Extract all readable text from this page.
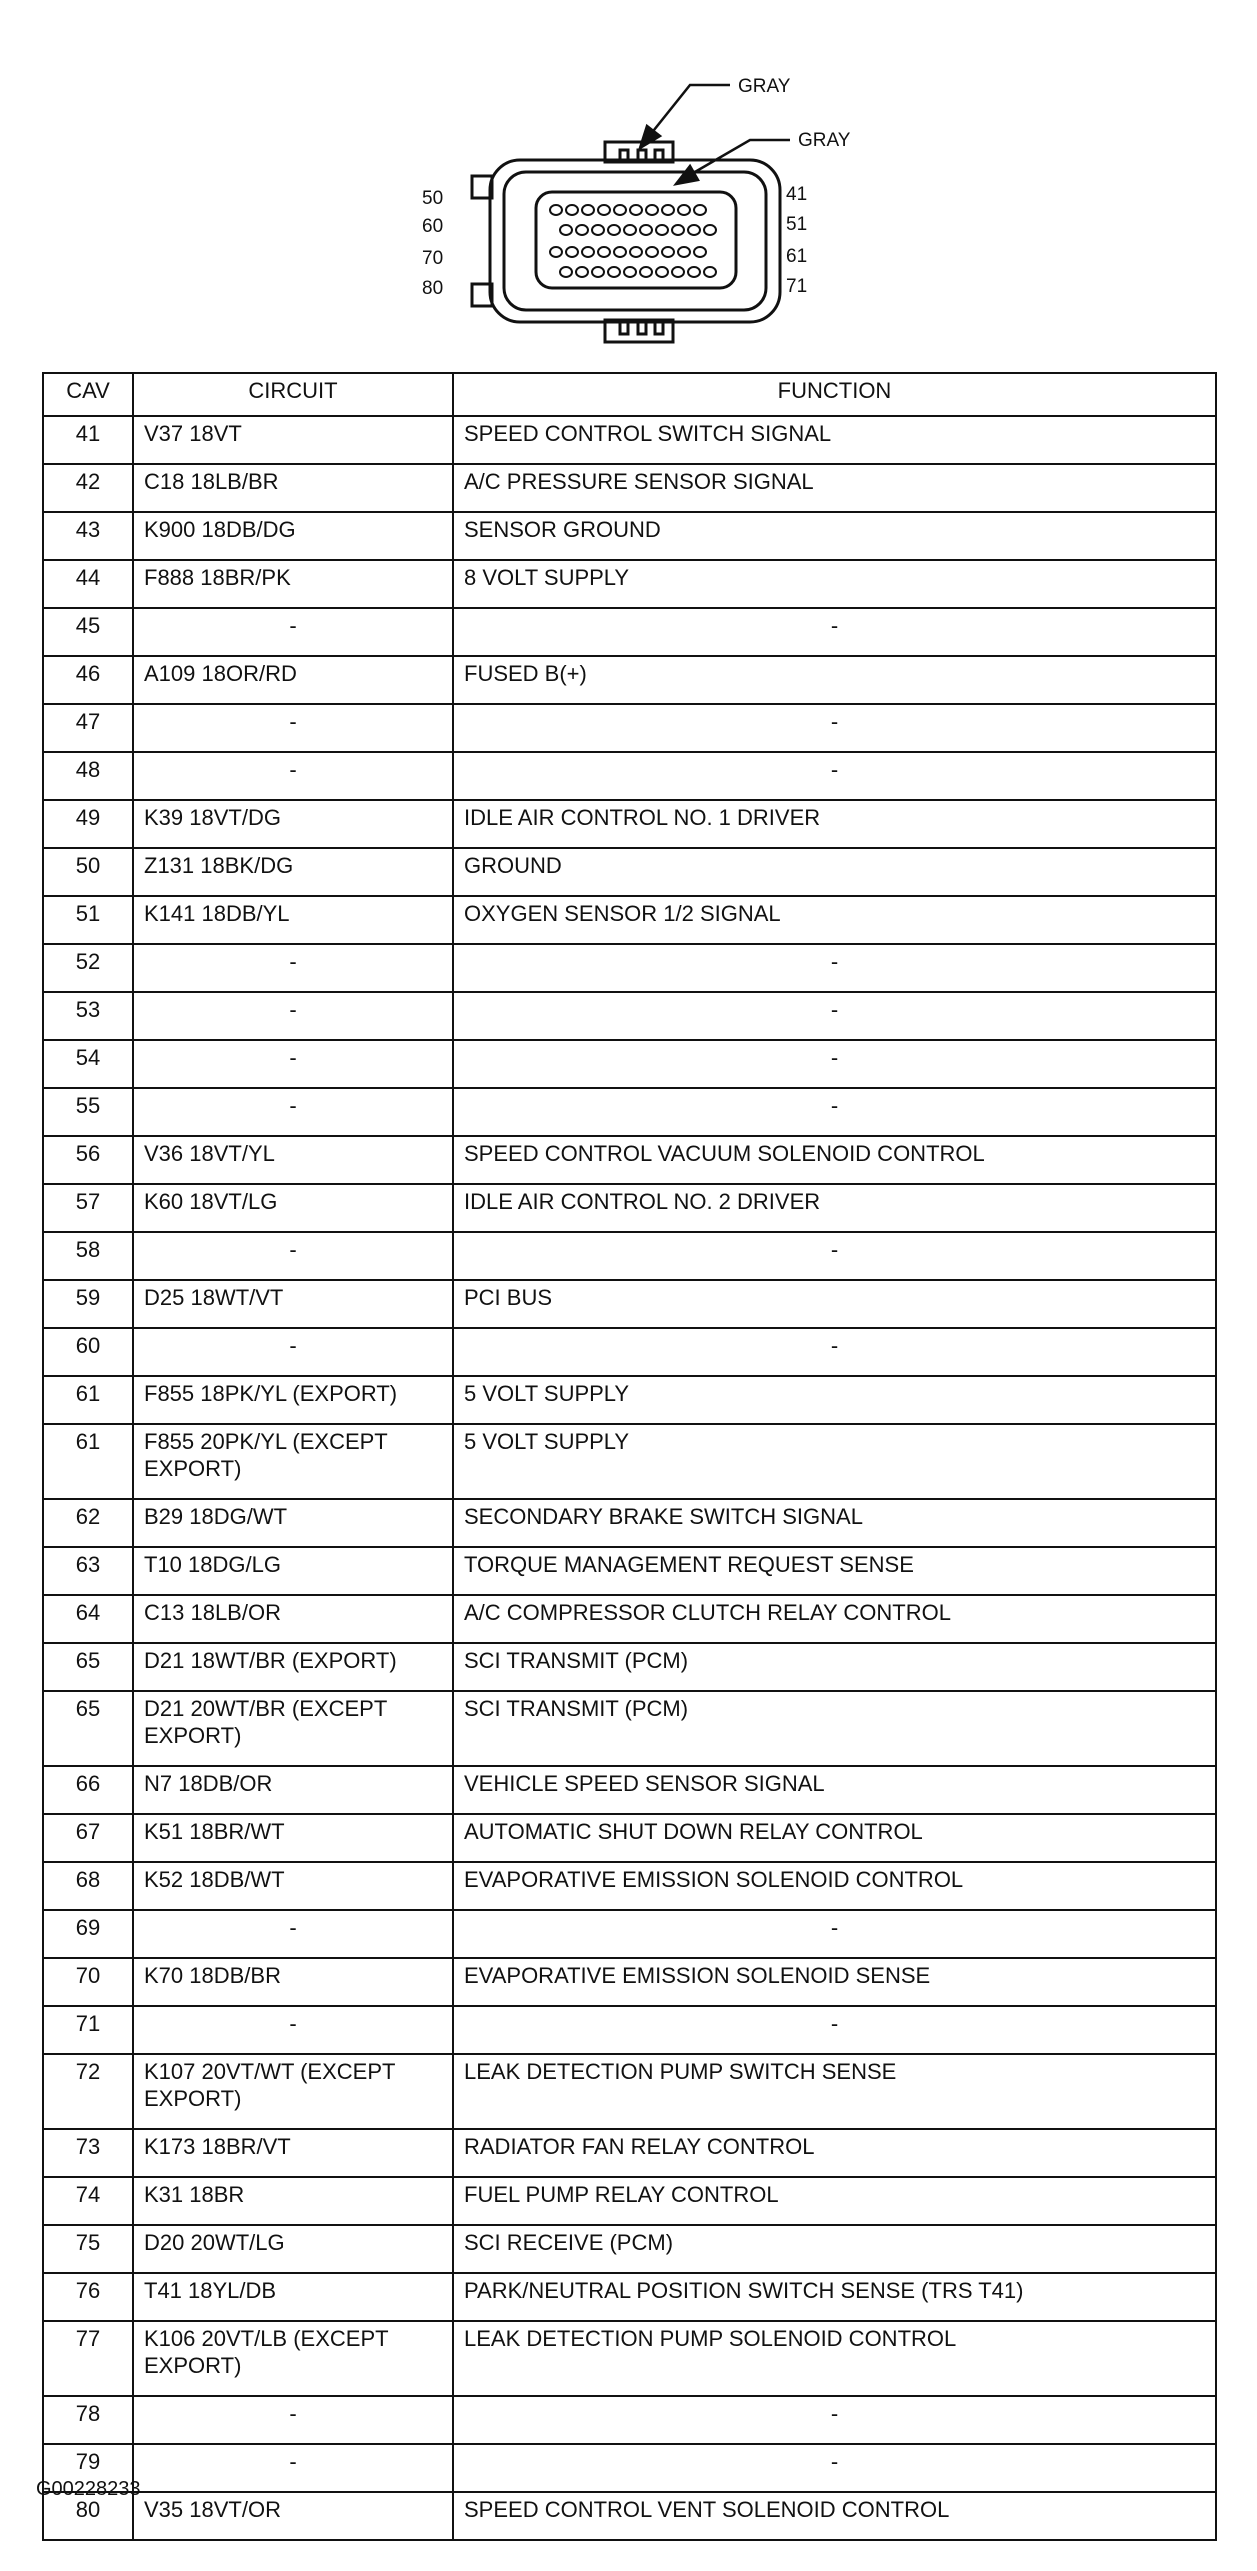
GRAY
GRAY
50
60
70
80
41
51
61
71
CAV	CIRCUIT	FUNCTION
41	V37 18VT	SPEED CONTROL SWITCH SIGNAL
42	C18 18LB/BR	A/C PRESSURE SENSOR SIGNAL
43	K900 18DB/DG	SENSOR GROUND
44	F888 18BR/PK	8 VOLT SUPPLY
45	-	-
46	A109 18OR/RD	FUSED B(+)
47	-	-
48	-	-
49	K39 18VT/DG	IDLE AIR CONTROL NO. 1 DRIVER
50	Z131 18BK/DG	GROUND
51	K141 18DB/YL	OXYGEN SENSOR 1/2 SIGNAL
52	-	-
53	-	-
54	-	-
55	-	-
56	V36 18VT/YL	SPEED CONTROL VACUUM SOLENOID CONTROL
57	K60 18VT/LG	IDLE AIR CONTROL NO. 2 DRIVER
58	-	-
59	D25 18WT/VT	PCI BUS
60	-	-
61	F855 18PK/YL (EXPORT)	5 VOLT SUPPLY
61	F855 20PK/YL (EXCEPT EXPORT)	5 VOLT SUPPLY
62	B29 18DG/WT	SECONDARY BRAKE SWITCH SIGNAL
63	T10 18DG/LG	TORQUE MANAGEMENT REQUEST SENSE
64	C13 18LB/OR	A/C COMPRESSOR CLUTCH RELAY CONTROL
65	D21 18WT/BR (EXPORT)	SCI TRANSMIT (PCM)
65	D21 20WT/BR (EXCEPT EXPORT)	SCI TRANSMIT (PCM)
66	N7 18DB/OR	VEHICLE SPEED SENSOR SIGNAL
67	K51 18BR/WT	AUTOMATIC SHUT DOWN RELAY CONTROL
68	K52 18DB/WT	EVAPORATIVE EMISSION SOLENOID CONTROL
69	-	-
70	K70 18DB/BR	EVAPORATIVE EMISSION SOLENOID SENSE
71	-	-
72	K107 20VT/WT (EXCEPT EXPORT)	LEAK DETECTION PUMP SWITCH SENSE
73	K173 18BR/VT	RADIATOR FAN RELAY CONTROL
74	K31 18BR	FUEL PUMP RELAY CONTROL
75	D20 20WT/LG	SCI RECEIVE (PCM)
76	T41 18YL/DB	PARK/NEUTRAL POSITION SWITCH SENSE (TRS T41)
77	K106 20VT/LB (EXCEPT EXPORT)	LEAK DETECTION PUMP SOLENOID CONTROL
78	-	-
79	-	-
80	V35 18VT/OR	SPEED CONTROL VENT SOLENOID CONTROL
G00228233
